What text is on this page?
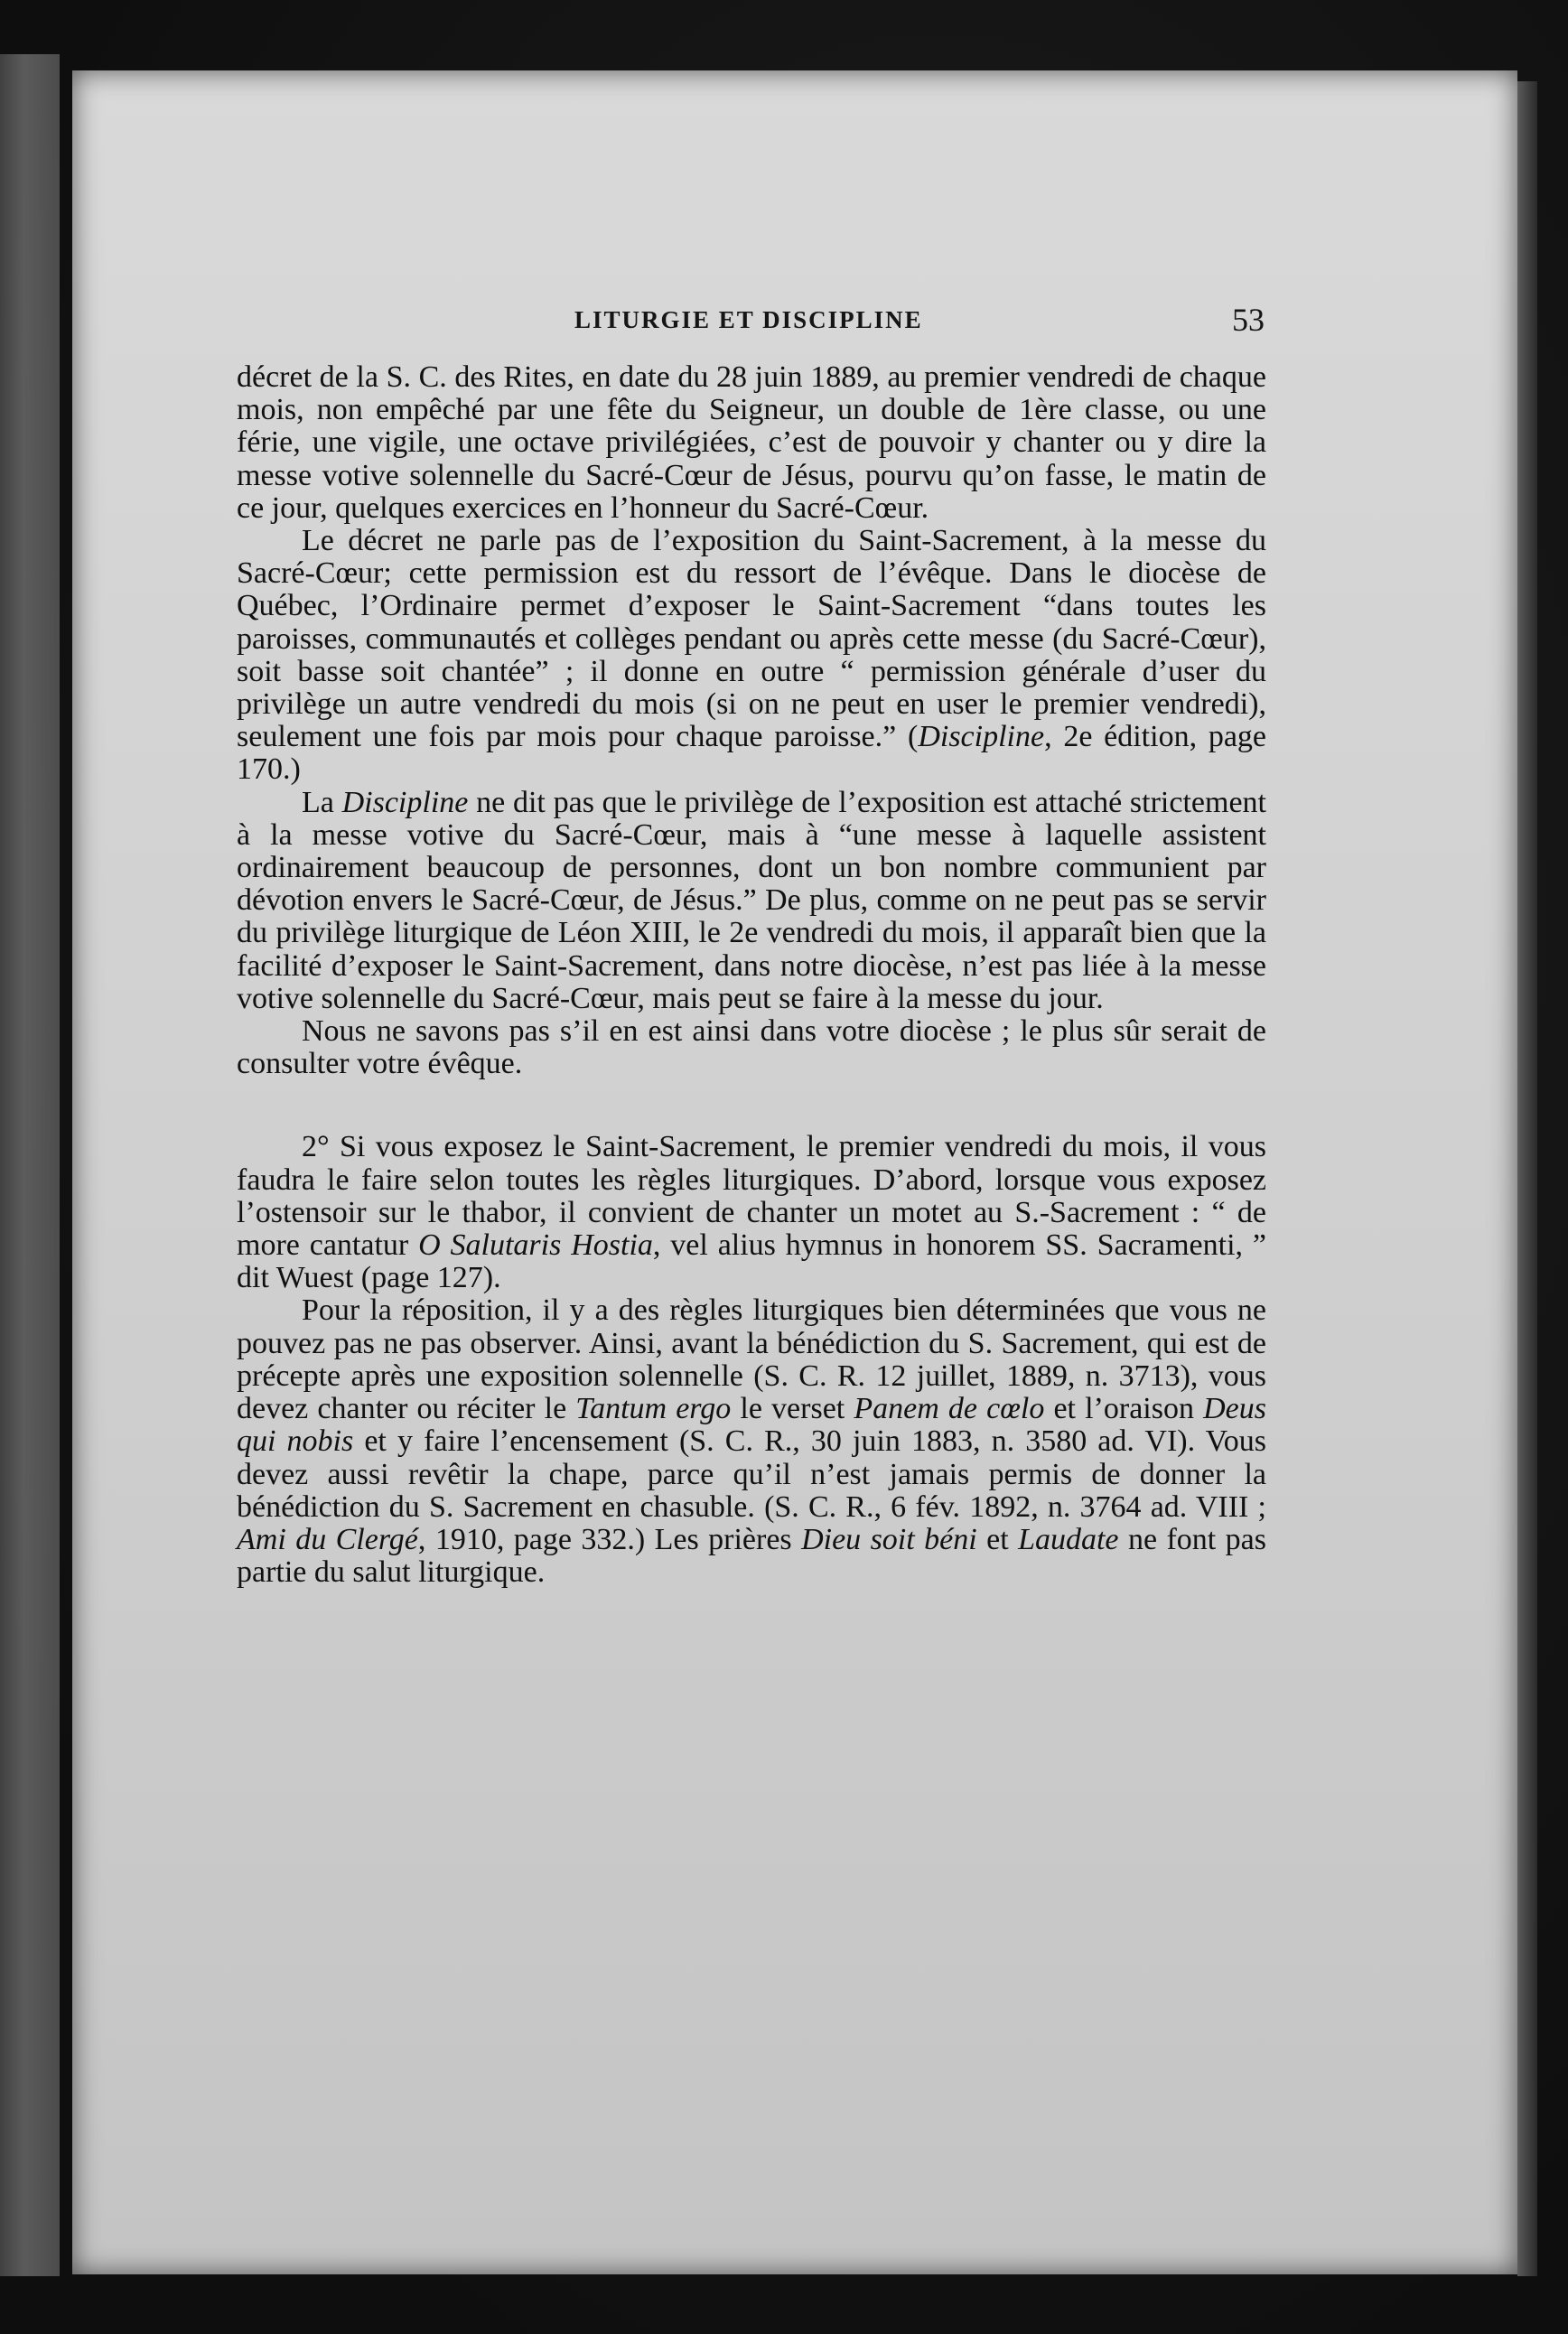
LITURGIE ET DISCIPLINE	53

décret de la S. C. des Rites, en date du 28 juin 1889, au premier vendredi de chaque mois, non empêché par une fête du Seigneur, un double de 1ère classe, ou une férie, une vigile, une octave privilégiées, c’est de pouvoir y chanter ou y dire la messe votive solennelle du Sacré-Cœur de Jésus, pourvu qu’on fasse, le matin de ce jour, quelques exercices en l’honneur du Sacré-Cœur.

Le décret ne parle pas de l’exposition du Saint-Sacrement, à la messe du Sacré-Cœur; cette permission est du ressort de l’évêque. Dans le diocèse de Québec, l’Ordinaire permet d’exposer le Saint-Sacrement “dans toutes les paroisses, communautés et collèges pendant ou après cette messe (du Sacré-Cœur), soit basse soit chantée” ; il donne en outre “ permission générale d’user du privilège un autre vendredi du mois (si on ne peut en user le premier vendredi), seulement une fois par mois pour chaque paroisse.” (Discipline, 2e édition, page 170.)

La Discipline ne dit pas que le privilège de l’exposition est attaché strictement à la messe votive du Sacré-Cœur, mais à “une messe à laquelle assistent ordinairement beaucoup de personnes, dont un bon nombre communient par dévotion envers le Sacré-Cœur, de Jésus.” De plus, comme on ne peut pas se servir du privilège liturgique de Léon XIII, le 2e vendredi du mois, il apparaît bien que la facilité d’exposer le Saint-Sacrement, dans notre diocèse, n’est pas liée à la messe votive solennelle du Sacré-Cœur, mais peut se faire à la messe du jour.

Nous ne savons pas s’il en est ainsi dans votre diocèse ; le plus sûr serait de consulter votre évêque.

2° Si vous exposez le Saint-Sacrement, le premier vendredi du mois, il vous faudra le faire selon toutes les règles liturgiques. D’abord, lorsque vous exposez l’ostensoir sur le thabor, il convient de chanter un motet au S.-Sacrement : “ de more cantatur O Salutaris Hostia, vel alius hymnus in honorem SS. Sacramenti, ” dit Wuest (page 127).

Pour la réposition, il y a des règles liturgiques bien déterminées que vous ne pouvez pas ne pas observer. Ainsi, avant la bénédiction du S. Sacrement, qui est de précepte après une exposition solennelle (S. C. R. 12 juillet, 1889, n. 3713), vous devez chanter ou réciter le Tantum ergo le verset Panem de cœlo et l’oraison Deus qui nobis et y faire l’encensement (S. C. R., 30 juin 1883, n. 3580 ad. VI). Vous devez aussi revêtir la chape, parce qu’il n’est jamais permis de donner la bénédiction du S. Sacrement en chasuble. (S. C. R., 6 fév. 1892, n. 3764 ad. VIII ; Ami du Clergé, 1910, page 332.) Les prières Dieu soit béni et Laudate ne font pas partie du salut liturgique.
